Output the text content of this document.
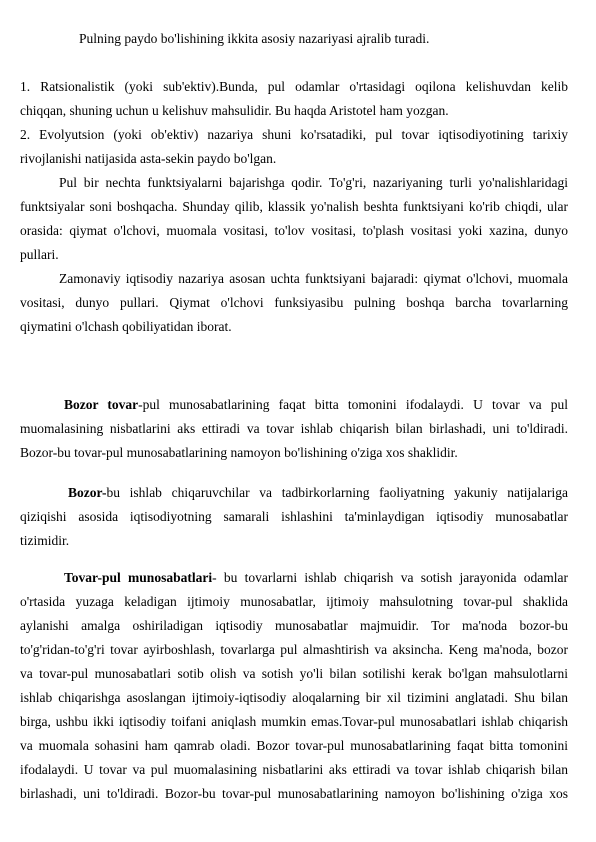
Pulning paydo bo'lishining ikkita asosiy nazariyasi ajralib turadi.
1. Ratsionalistik (yoki sub'ektiv).Bunda, pul odamlar o'rtasidagi oqilona kelishuvdan kelib
chiqqan, shuning uchun u kelishuv mahsulidir. Bu haqda Aristotel ham yozgan.
2. Evolyutsion (yoki ob'ektiv) nazariya shuni ko'rsatadiki, pul tovar iqtisodiyotining tarixiy
rivojlanishi natijasida asta-sekin paydo bo'lgan.
Pul bir nechta funktsiyalarni bajarishga qodir. To'g'ri, nazariyaning turli yo'nalishlaridagi
funktsiyalar soni boshqacha. Shunday qilib, klassik yo'nalish beshta funktsiyani ko'rib chiqdi, ular
orasida: qiymat o'lchovi, muomala vositasi, to'lov vositasi, to'plash vositasi yoki xazina, dunyo
pullari.
Zamonaviy iqtisodiy nazariya asosan uchta funktsiyani bajaradi: qiymat o'lchovi, muomala
vositasi, dunyo pullari. Qiymat o'lchovi funksiyasibu pulning boshqa barcha tovarlarning
qiymatini o'lchash qobiliyatidan iborat.
Bozor tovar-pul munosabatlarining faqat bitta tomonini ifodalaydi. U tovar va pul
muomalasining nisbatlarini aks ettiradi va tovar ishlab chiqarish bilan birlashadi, uni to'ldiradi.
Bozor-bu tovar-pul munosabatlarining namoyon bo'lishining o'ziga xos shaklidir.
Bozor-bu ishlab chiqaruvchilar va tadbirkorlarning faoliyatning yakuniy natijalariga
qiziqishi asosida iqtisodiyotning samarali ishlashini ta'minlaydigan iqtisodiy munosabatlar
tizimidir.
Tovar-pul munosabatlari- bu tovarlarni ishlab chiqarish va sotish jarayonida odamlar
o'rtasida yuzaga keladigan ijtimoiy munosabatlar, ijtimoiy mahsulotning tovar-pul shaklida
aylanishi amalga oshiriladigan iqtisodiy munosabatlar majmuidir. Tor ma'noda bozor-bu
to'g'ridan-to'g'ri tovar ayirboshlash, tovarlarga pul almashtirish va aksincha. Keng ma'noda, bozor
va tovar-pul munosabatlari sotib olish va sotish yo'li bilan sotilishi kerak bo'lgan mahsulotlarni
ishlab chiqarishga asoslangan ijtimoiy-iqtisodiy aloqalarning bir xil tizimini anglatadi. Shu bilan
birga, ushbu ikki iqtisodiy toifani aniqlash mumkin emas.Tovar-pul munosabatlari ishlab chiqarish
va muomala sohasini ham qamrab oladi. Bozor tovar-pul munosabatlarining faqat bitta tomonini
ifodalaydi. U tovar va pul muomalasining nisbatlarini aks ettiradi va tovar ishlab chiqarish bilan
birlashadi, uni to'ldiradi. Bozor-bu tovar-pul munosabatlarining namoyon bo'lishining o'ziga xos
